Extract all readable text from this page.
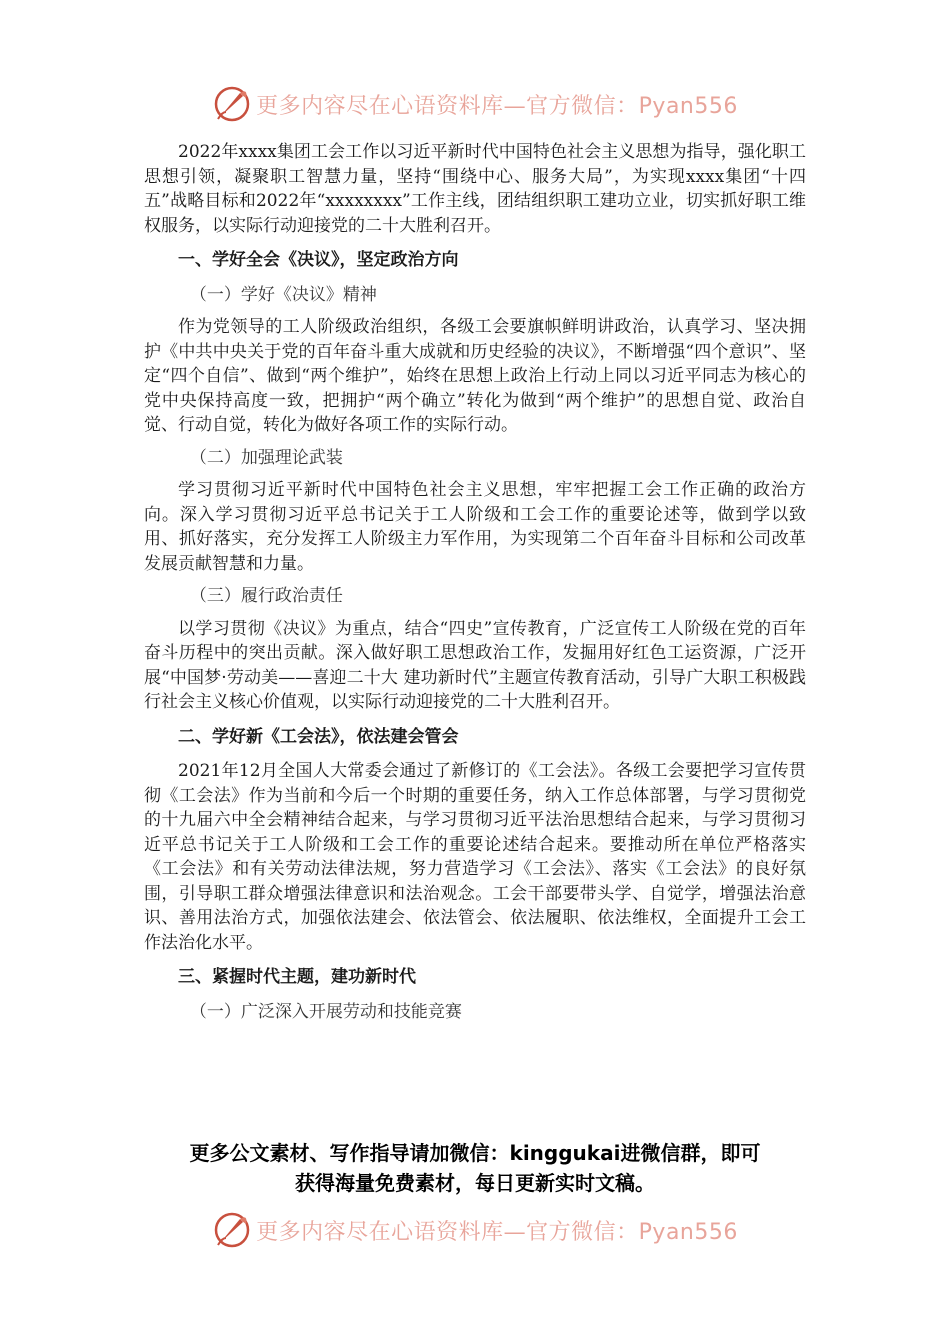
更多内容尽在心语资料库—官方微信：Pyan556

2022年xxxx集团工会工作以习近平新时代中国特色社会主义思想为指导，强化职工思想引领，凝聚职工智慧力量，坚持“围绕中心、服务大局”，为实现xxxx集团“十四五”战略目标和2022年“xxxxxxxx”工作主线，团结组织职工建功立业，切实抓好职工维权服务，以实际行动迎接党的二十大胜利召开。

一、学好全会《决议》，坚定政治方向

（一）学好《决议》精神

作为党领导的工人阶级政治组织，各级工会要旗帜鲜明讲政治，认真学习、坚决拥护《中共中央关于党的百年奋斗重大成就和历史经验的决议》，不断增强“四个意识”、坚定“四个自信”、做到“两个维护”，始终在思想上政治上行动上同以习近平同志为核心的党中央保持高度一致，把拥护“两个确立”转化为做到“两个维护”的思想自觉、政治自觉、行动自觉，转化为做好各项工作的实际行动。

（二）加强理论武装

学习贯彻习近平新时代中国特色社会主义思想，牢牢把握工会工作正确的政治方向。深入学习贯彻习近平总书记关于工人阶级和工会工作的重要论述等，做到学以致用、抓好落实，充分发挥工人阶级主力军作用，为实现第二个百年奋斗目标和公司改革发展贡献智慧和力量。

（三）履行政治责任

以学习贯彻《决议》为重点，结合“四史”宣传教育，广泛宣传工人阶级在党的百年奋斗历程中的突出贡献。深入做好职工思想政治工作，发掘用好红色工运资源，广泛开展“中国梦·劳动美——喜迎二十大 建功新时代”主题宣传教育活动，引导广大职工积极践行社会主义核心价值观，以实际行动迎接党的二十大胜利召开。

二、学好新《工会法》，依法建会管会

2021年12月全国人大常委会通过了新修订的《工会法》。各级工会要把学习宣传贯彻《工会法》作为当前和今后一个时期的重要任务，纳入工作总体部署，与学习贯彻党的十九届六中全会精神结合起来，与学习贯彻习近平法治思想结合起来，与学习贯彻习近平总书记关于工人阶级和工会工作的重要论述结合起来。要推动所在单位严格落实《工会法》和有关劳动法律法规，努力营造学习《工会法》、落实《工会法》的良好氛围，引导职工群众增强法律意识和法治观念。工会干部要带头学、自觉学，增强法治意识、善用法治方式，加强依法建会、依法管会、依法履职、依法维权，全面提升工会工作法治化水平。

三、紧握时代主题，建功新时代

（一）广泛深入开展劳动和技能竞赛

更多公文素材、写作指导请加微信：kinggukai进微信群，即可
获得海量免费素材，每日更新实时文稿。
更多内容尽在心语资料库—官方微信：Pyan556
